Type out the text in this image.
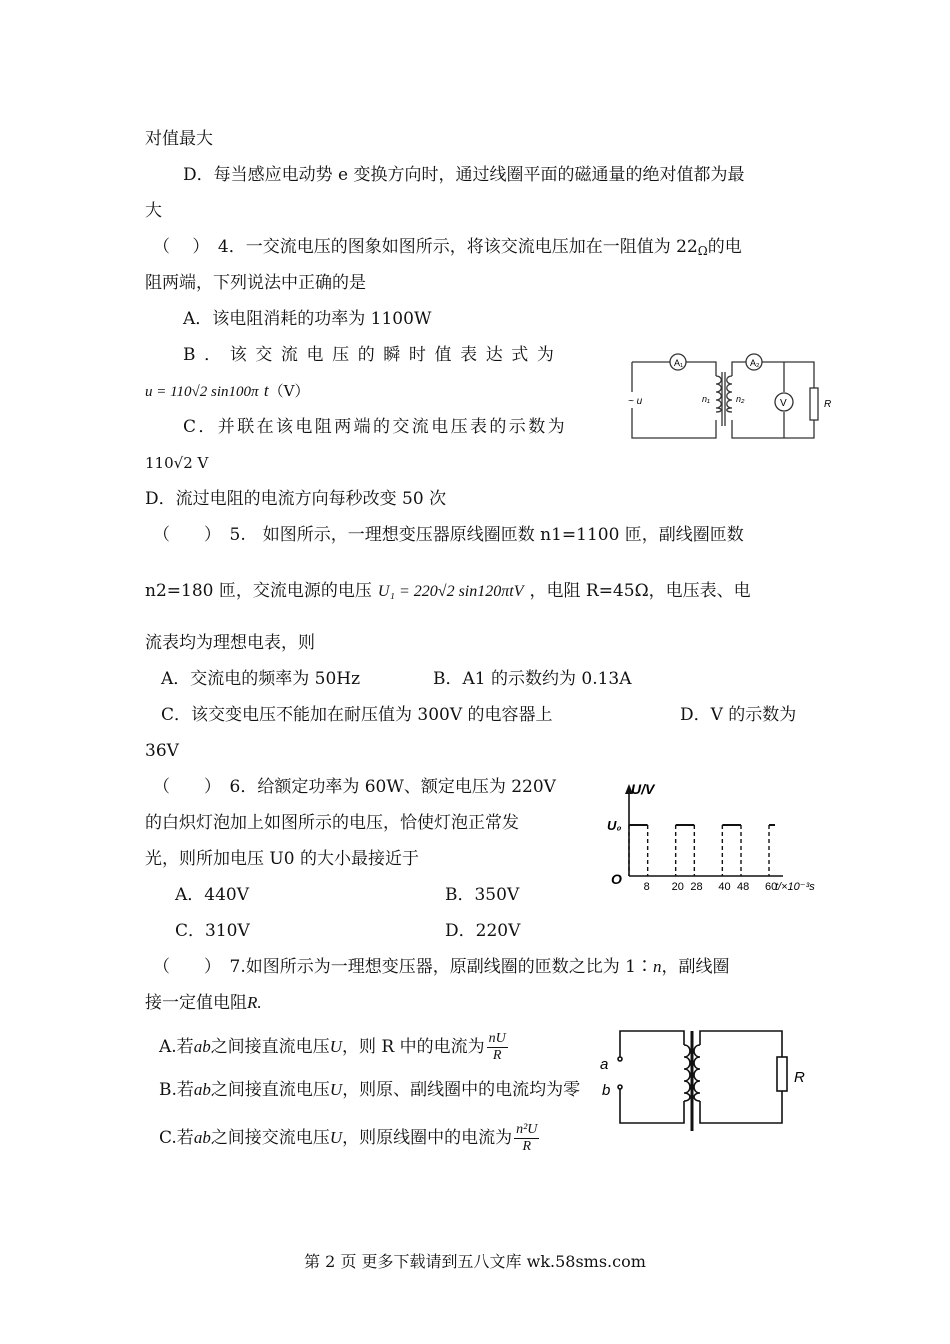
对值最大
D．每当感应电动势 e 变换方向时，通过线圈平面的磁通量的绝对值都为最
大
（　 ）　4．一交流电压的图象如图所示，将该交流电压加在一阻值为 22Ω的电
阻两端，下列说法中正确的是
A．该电阻消耗的功率为 1100W
B．该交流电压的瞬时值表达式为
u = 110√2 sin100π t（V）
C．并联在该电阻两端的交流电压表的示数为
110√2 V
D．流过电阻的电流方向每秒改变 50 次
（　　）　5.　如图所示，一理想变压器原线圈匝数 n1=1100 匝，副线圈匝数
n2=180 匝，交流电源的电压 U₁ = 220√2 sin120πtV ，电阻 R=45Ω，电压表、电
流表均为理想电表，则
A．交流电的频率为 50Hz	B．A1 的示数约为 0.13A
C．该交变电压不能加在耐压值为 300V 的电容器上	D．V 的示数为
36V
（　　）　6．给额定功率为 60W、额定电压为 220V
的白炽灯泡加上如图所示的电压，恰使灯泡正常发
光，则所加电压 U0 的大小最接近于
A．440V	B．350V
C．310V	D．220V
（　　）　7.如图所示为一理想变压器，原副线圈的匝数之比为 1∶n，副线圈
接一定值电阻R.
A.若ab之间接直流电压U，则 R 中的电流为 $\frac{nU}{R}$
B.若ab之间接直流电压U，则原、副线圈中的电流均为零
C.若ab之间接交流电压U，则原线圈中的电流为 $\frac{\text{n²U}}{R}$
A₁	A₂
V
~ u	n₁	n₂	R
U/V
U₀
O 8 20 28 40 48 60
t/×10⁻³s
a
b
R
第 2 页 更多下载请到五八文库 wk.58sms.com
